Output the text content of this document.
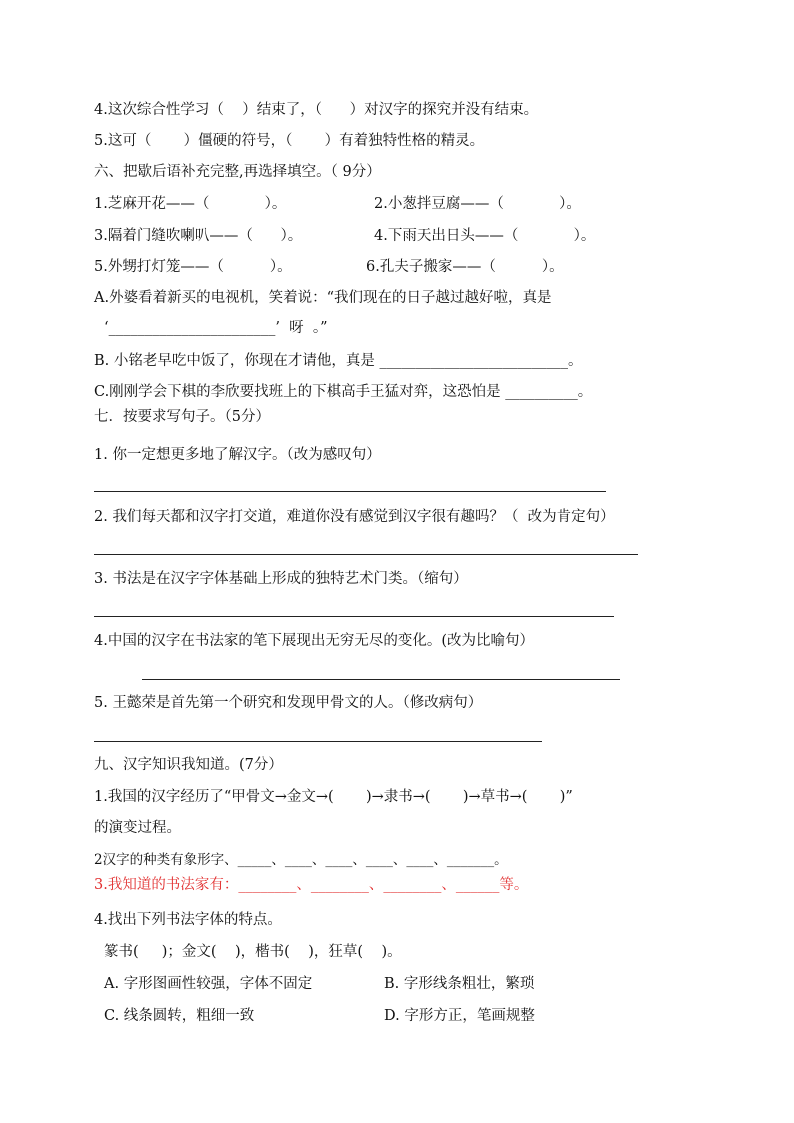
4.这次综合性学习（    ）结束了，（      ）对汉字的探究并没有结束。
5.这可（       ）僵硬的符号，（       ）有着独特性格的精灵。
六、把歇后语补充完整,再选择填空。（ 9分）
1.芝麻开花——（            ）。	2.小葱拌豆腐——（            ）。
3.隔着门缝吹喇叭——（      ）。	4.下雨天出日头——（            ）。
5.外甥打灯笼——（          ）。	6.孔夫子搬家——（          ）。
A.外婆看着新买的电视机，笑着说：“我们现在的日子越过越好啦，真是
‘_______________________’  呀  。”
B. 小铭老早吃中饭了，你现在才请他，真是 __________________________。
C.刚刚学会下棋的李欣要找班上的下棋高手王猛对弈，这恐怕是 __________。
七．按要求写句子。（5分）
1. 你一定想更多地了解汉字。（改为感叹句）
2. 我们每天都和汉字打交道，难道你没有感觉到汉字很有趣吗？（  改为肯定句）
3. 书法是在汉字字体基础上形成的独特艺术门类。（缩句）
4.中国的汉字在书法家的笔下展现出无穷无尽的变化。(改为比喻句）
5. 王懿荣是首先第一个研究和发现甲骨文的人。（修改病句）
九、汉字知识我知道。(7分）
1.我国的汉字经历了“甲骨文→金文→(       )→隶书→(       )→草书→(       )”
的演变过程。
2汉字的种类有象形字、_____、____、____、____、____、_______。
3.我知道的书法家有：________、________、________、______等。
4.找出下列书法字体的特点。
篆书(     )；金文(    )，楷书(    )，狂草(    )。
A. 字形图画性较强，字体不固定	B. 字形线条粗壮，繁琐
C. 线条圆转，粗细一致	D. 字形方正，笔画规整
